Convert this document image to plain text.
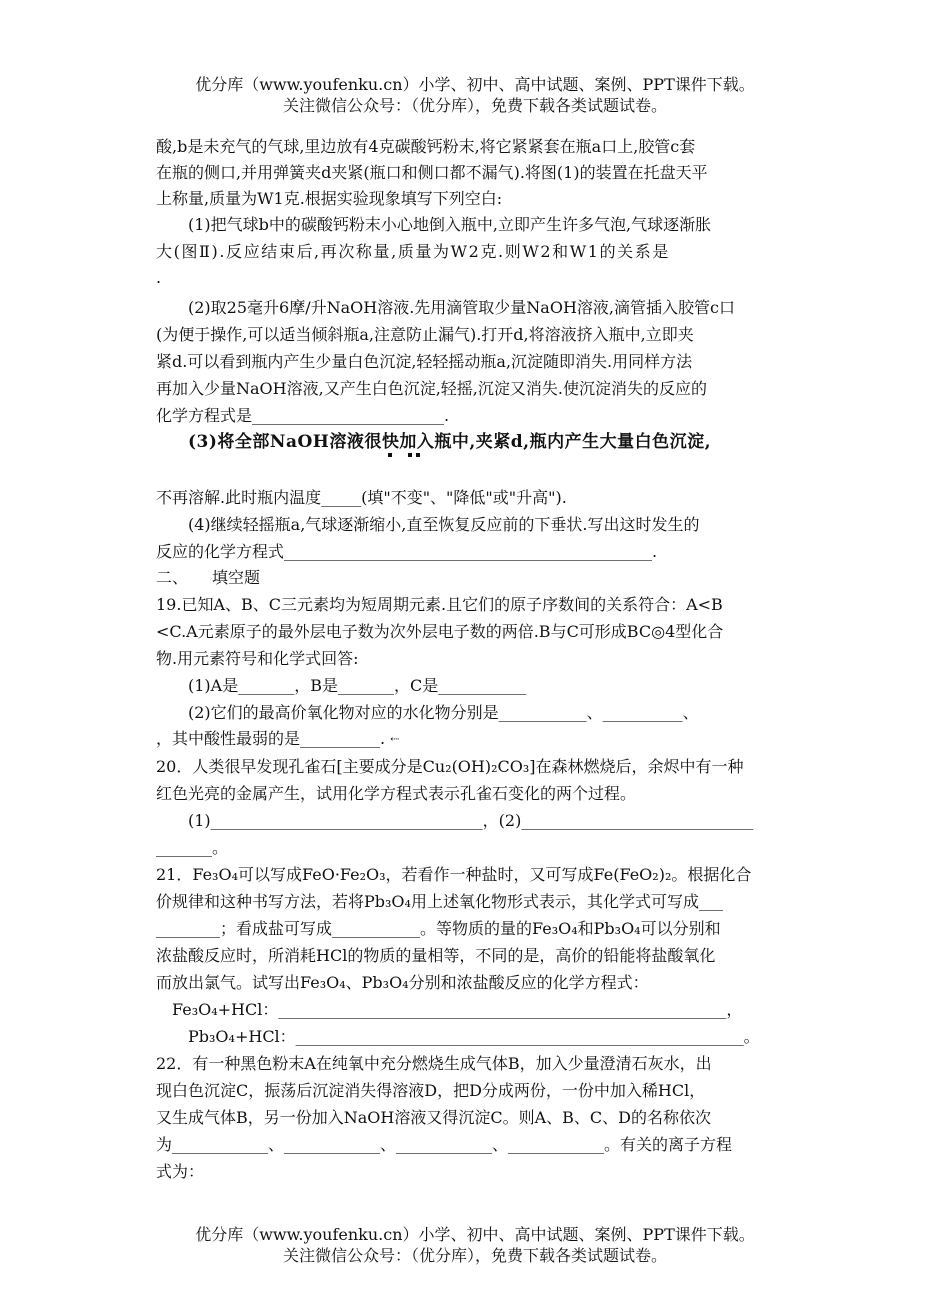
优分库（www.youfenku.cn）小学、初中、高中试题、案例、PPT课件下载。
关注微信公众号：（优分库），免费下载各类试题试卷。
酸,b是未充气的气球,里边放有4克碳酸钙粉末,将它紧紧套在瓶a口上,胶管c套
在瓶的侧口,并用弹簧夹d夹紧(瓶口和侧口都不漏气).将图(1)的装置在托盘天平
上称量,质量为W1克.根据实验现象填写下列空白:
(1)把气球b中的碳酸钙粉末小心地倒入瓶中,立即产生许多气泡,气球逐渐胀
大(图Ⅱ).反应结束后,再次称量,质量为W2克.则W2和W1的关系是
.
(2)取25毫升6摩/升NaOH溶液.先用滴管取少量NaOH溶液,滴管插入胶管c口
(为便于操作,可以适当倾斜瓶a,注意防止漏气).打开d,将溶液挤入瓶中,立即夹
紧d.可以看到瓶内产生少量白色沉淀,轻轻摇动瓶a,沉淀随即消失.用同样方法
再加入少量NaOH溶液,又产生白色沉淀,轻摇,沉淀又消失.使沉淀消失的反应的
化学方程式是________________________.
(3)将全部NaOH溶液很快加入瓶中,夹紧d,瓶内产生大量白色沉淀,
不再溶解.此时瓶内温度_____(填"不变"、"降低"或"升高").
(4)继续轻摇瓶a,气球逐渐缩小,直至恢复反应前的下垂状.写出这时发生的
反应的化学方程式______________________________________________.
二、　　填空题
19.已知A、B、C三元素均为短周期元素.且它们的原子序数间的关系符合：A<B
<C.A元素原子的最外层电子数为次外层电子数的两倍.B与C可形成BC◎4型化合
物.用元素符号和化学式回答:
(1)A是_______，B是_______，C是___________
(2)它们的最高价氧化物对应的水化物分别是___________、__________、
，其中酸性最弱的是__________. ⇠
20．人类很早发现孔雀石[主要成分是Cu₂(OH)₂CO₃]在森林燃烧后，余烬中有一种
红色光亮的金属产生，试用化学方程式表示孔雀石变化的两个过程。
(1)__________________________________，(2)_____________________________
_______。
21．Fe₃O₄可以写成FeO·Fe₂O₃，若看作一种盐时，又可写成Fe(FeO₂)₂。根据化合
价规律和这种书写方法，若将Pb₃O₄用上述氧化物形式表示，其化学式可写成___
________；看成盐可写成___________。等物质的量的Fe₃O₄和Pb₃O₄可以分别和
浓盐酸反应时，所消耗HCl的物质的量相等，不同的是，高价的铅能将盐酸氧化
而放出氯气。试写出Fe₃O₄、Pb₃O₄分别和浓盐酸反应的化学方程式：
Fe₃O₄+HCl：________________________________________________________，
Pb₃O₄+HCl：________________________________________________________。
22．有一种黑色粉末A在纯氧中充分燃烧生成气体B，加入少量澄清石灰水，出
现白色沉淀C，振荡后沉淀消失得溶液D，把D分成两份，一份中加入稀HCl，
又生成气体B，另一份加入NaOH溶液又得沉淀C。则A、B、C、D的名称依次
为____________、____________、____________、____________。有关的离子方程
式为：
优分库（www.youfenku.cn）小学、初中、高中试题、案例、PPT课件下载。
关注微信公众号：（优分库），免费下载各类试题试卷。
